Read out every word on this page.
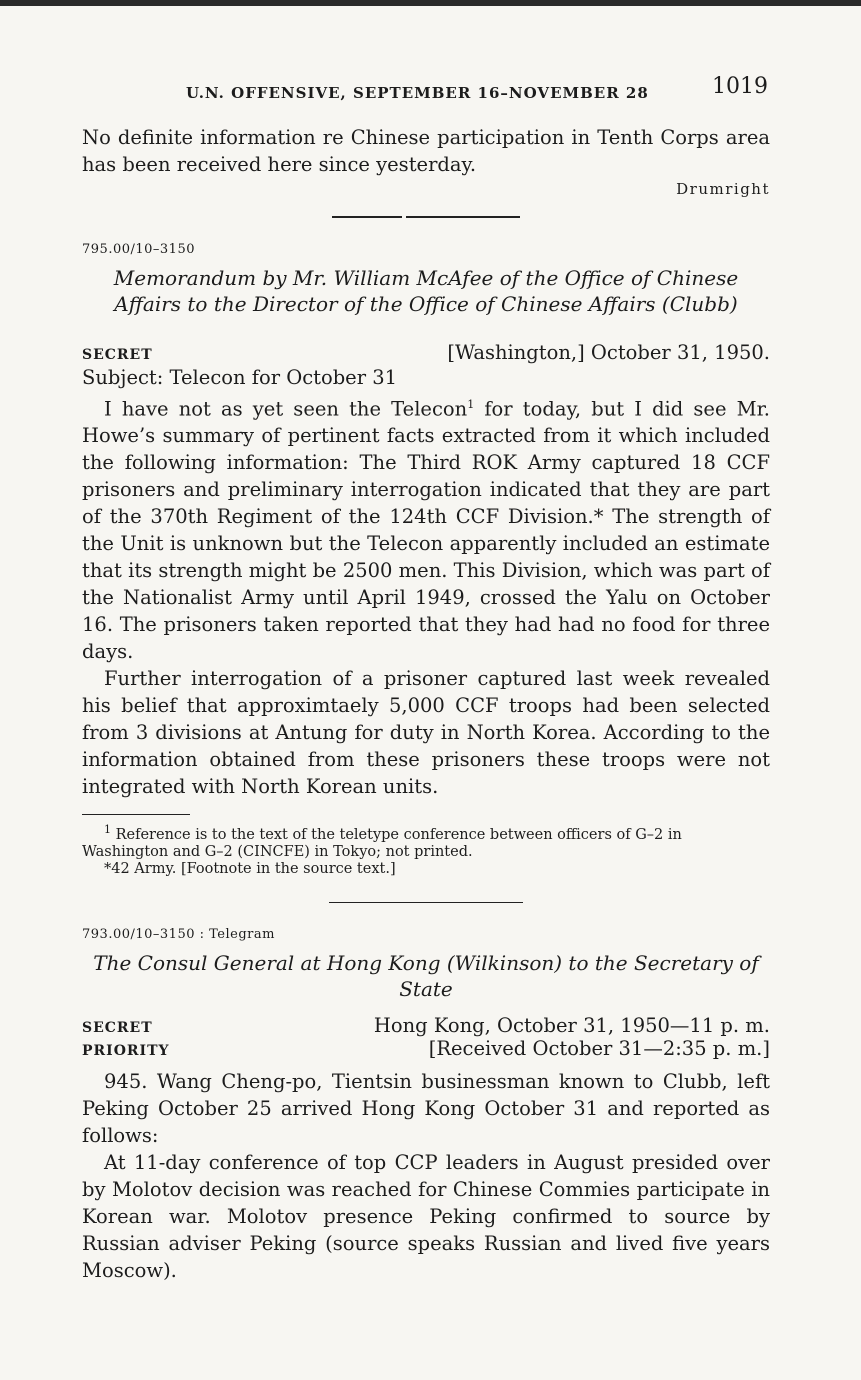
U.N. OFFENSIVE, SEPTEMBER 16–NOVEMBER 28	1019

No definite information re Chinese participation in Tenth Corps area has been received here since yesterday.

Drumright
795.00/10–3150
Memorandum by Mr. William McAfee of the Office of Chinese Affairs to the Director of the Office of Chinese Affairs (Clubb)
SECRET	[Washington,] October 31, 1950.
Subject: Telecon for October 31

I have not as yet seen the Telecon$^1$ for today, but I did see Mr. Howe’s summary of pertinent facts extracted from it which included the following information: The Third ROK Army captured 18 CCF prisoners and preliminary interrogation indicated that they are part of the 370th Regiment of the 124th CCF Division.* The strength of the Unit is unknown but the Telecon apparently included an estimate that its strength might be 2500 men. This Division, which was part of the Nationalist Army until April 1949, crossed the Yalu on October 16. The prisoners taken reported that they had had no food for three days.

Further interrogation of a prisoner captured last week revealed his belief that approximtaely 5,000 CCF troops had been selected from 3 divisions at Antung for duty in North Korea. According to the information obtained from these prisoners these troops were not integrated with North Korean units.

$^1$ Reference is to the text of the teletype conference between officers of G–2 in Washington and G–2 (CINCFE) in Tokyo; not printed.
*42 Army. [Footnote in the source text.]
793.00/10–3150 : Telegram
The Consul General at Hong Kong (Wilkinson) to the Secretary of State
SECRET	Hong Kong, October 31, 1950—11 p. m.
PRIORITY	[Received October 31—2:35 p. m.]

945. Wang Cheng-po, Tientsin businessman known to Clubb, left Peking October 25 arrived Hong Kong October 31 and reported as follows:

At 11-day conference of top CCP leaders in August presided over by Molotov decision was reached for Chinese Commies participate in Korean war. Molotov presence Peking confirmed to source by Russian adviser Peking (source speaks Russian and lived five years Moscow).
